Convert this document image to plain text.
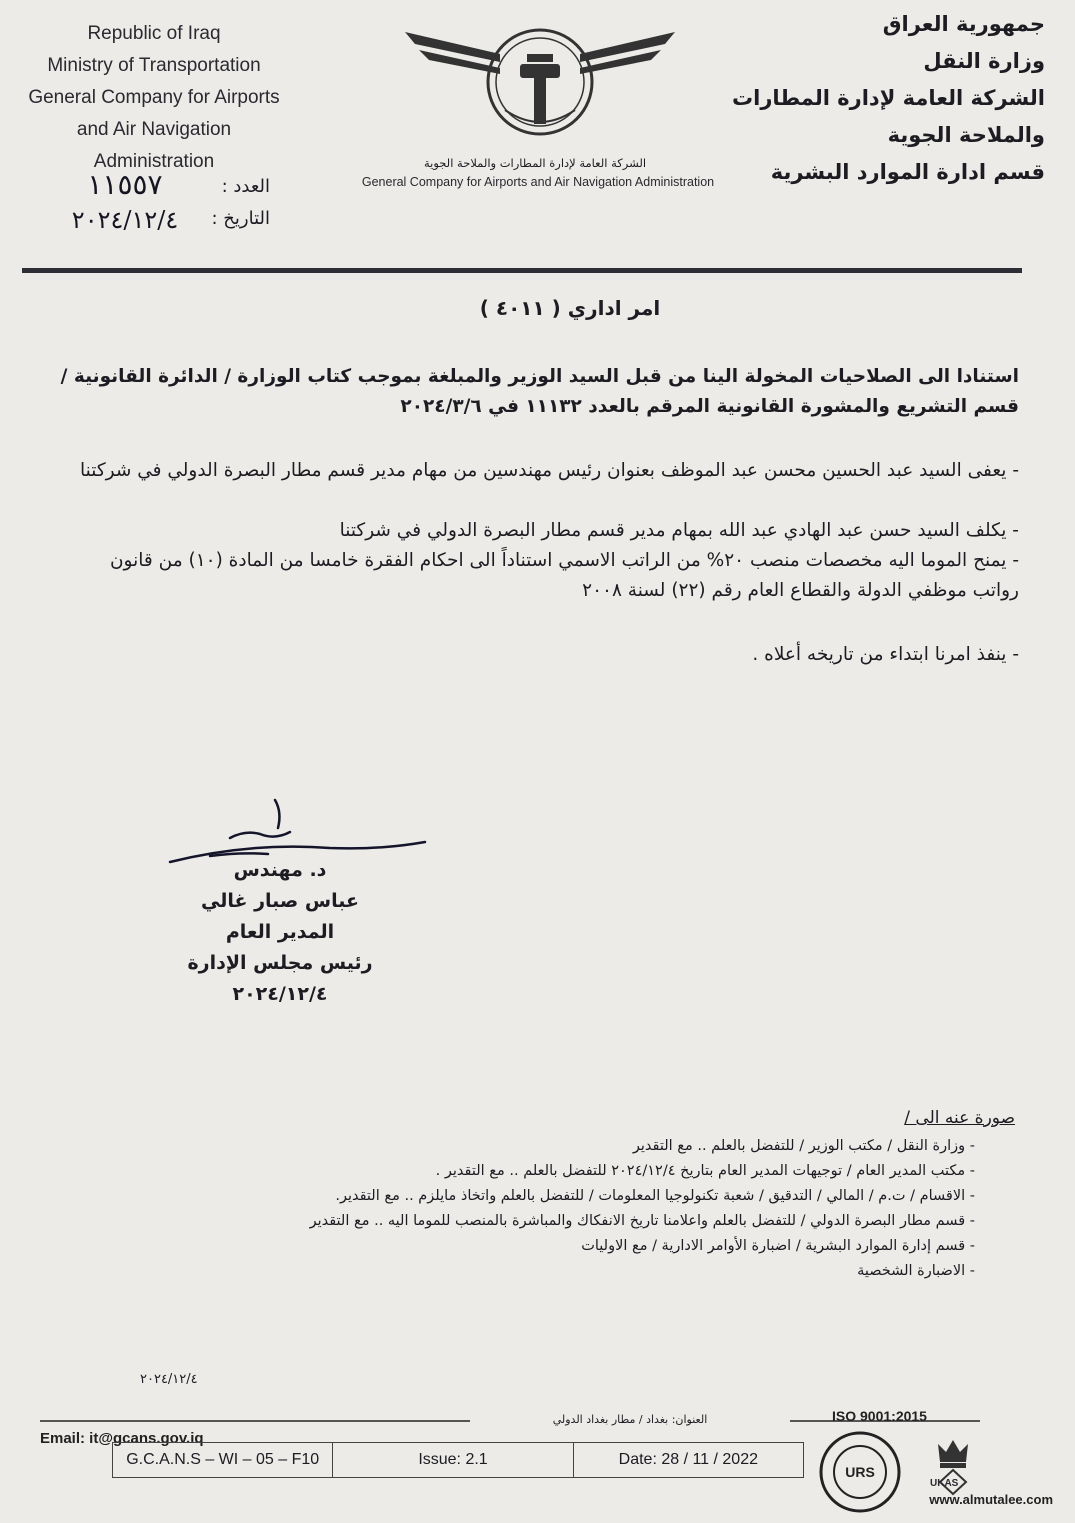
Republic of Iraq
Ministry of Transportation
General Company for Airports
and Air Navigation
Administration
جمهورية العراق
وزارة النقل
الشركة العامة لإدارة المطارات
والملاحة الجوية
قسم ادارة الموارد البشرية
الشركة العامة لإدارة المطارات والملاحة الجوية
General Company for Airports and Air Navigation Administration
العدد :
١١٥٥٧
التاريخ :
٢٠٢٤/١٢/٤
امر اداري ( ٤٠١١ )
استنادا الى الصلاحيات المخولة الينا من قبل السيد الوزير والمبلغة بموجب كتاب الوزارة / الدائرة القانونية / قسم التشريع والمشورة القانونية المرقم بالعدد ١١١٣٢ في ٢٠٢٤/٣/٦
- يعفى السيد عبد الحسين محسن عبد الموظف بعنوان رئيس مهندسين من مهام مدير قسم مطار البصرة الدولي في شركتنا
- يكلف السيد حسن عبد الهادي عبد الله بمهام مدير قسم مطار البصرة الدولي في شركتنا
- يمنح الموما اليه مخصصات منصب ٢٠% من الراتب الاسمي استناداً الى احكام الفقرة خامسا من المادة (١٠) من قانون رواتب موظفي الدولة والقطاع العام رقم (٢٢) لسنة ٢٠٠٨
- ينفذ امرنا ابتداء من تاريخه أعلاه .
د. مهندس
عباس صبار غالي
المدير العام
رئيس مجلس الإدارة
٢٠٢٤/١٢/٤
صورة عنه الى /
- وزارة النقل / مكتب الوزير / للتفضل بالعلم .. مع التقدير
- مكتب المدير العام / توجيهات المدير العام بتاريخ ٢٠٢٤/١٢/٤ للتفضل بالعلم .. مع التقدير .
- الاقسام / ت.م / المالي / التدقيق / شعبة تكنولوجيا المعلومات / للتفضل بالعلم واتخاذ مايلزم .. مع التقدير.
- قسم مطار البصرة الدولي / للتفضل بالعلم واعلامنا تاريخ الانفكاك والمباشرة بالمنصب للموما اليه .. مع التقدير
- قسم إدارة الموارد البشرية / اضبارة الأوامر الادارية / مع الاوليات
- الاضبارة الشخصية
٢٠٢٤/١٢/٤
العنوان: بغداد / مطار بغداد الدولي	ISO 9001:2015
Email: it@gcans.gov.iq
G.C.A.N.S – WI – 05 – F10	Issue: 2.1	Date: 28 / 11 / 2022
URS
UKAS
www.almutalee.com
